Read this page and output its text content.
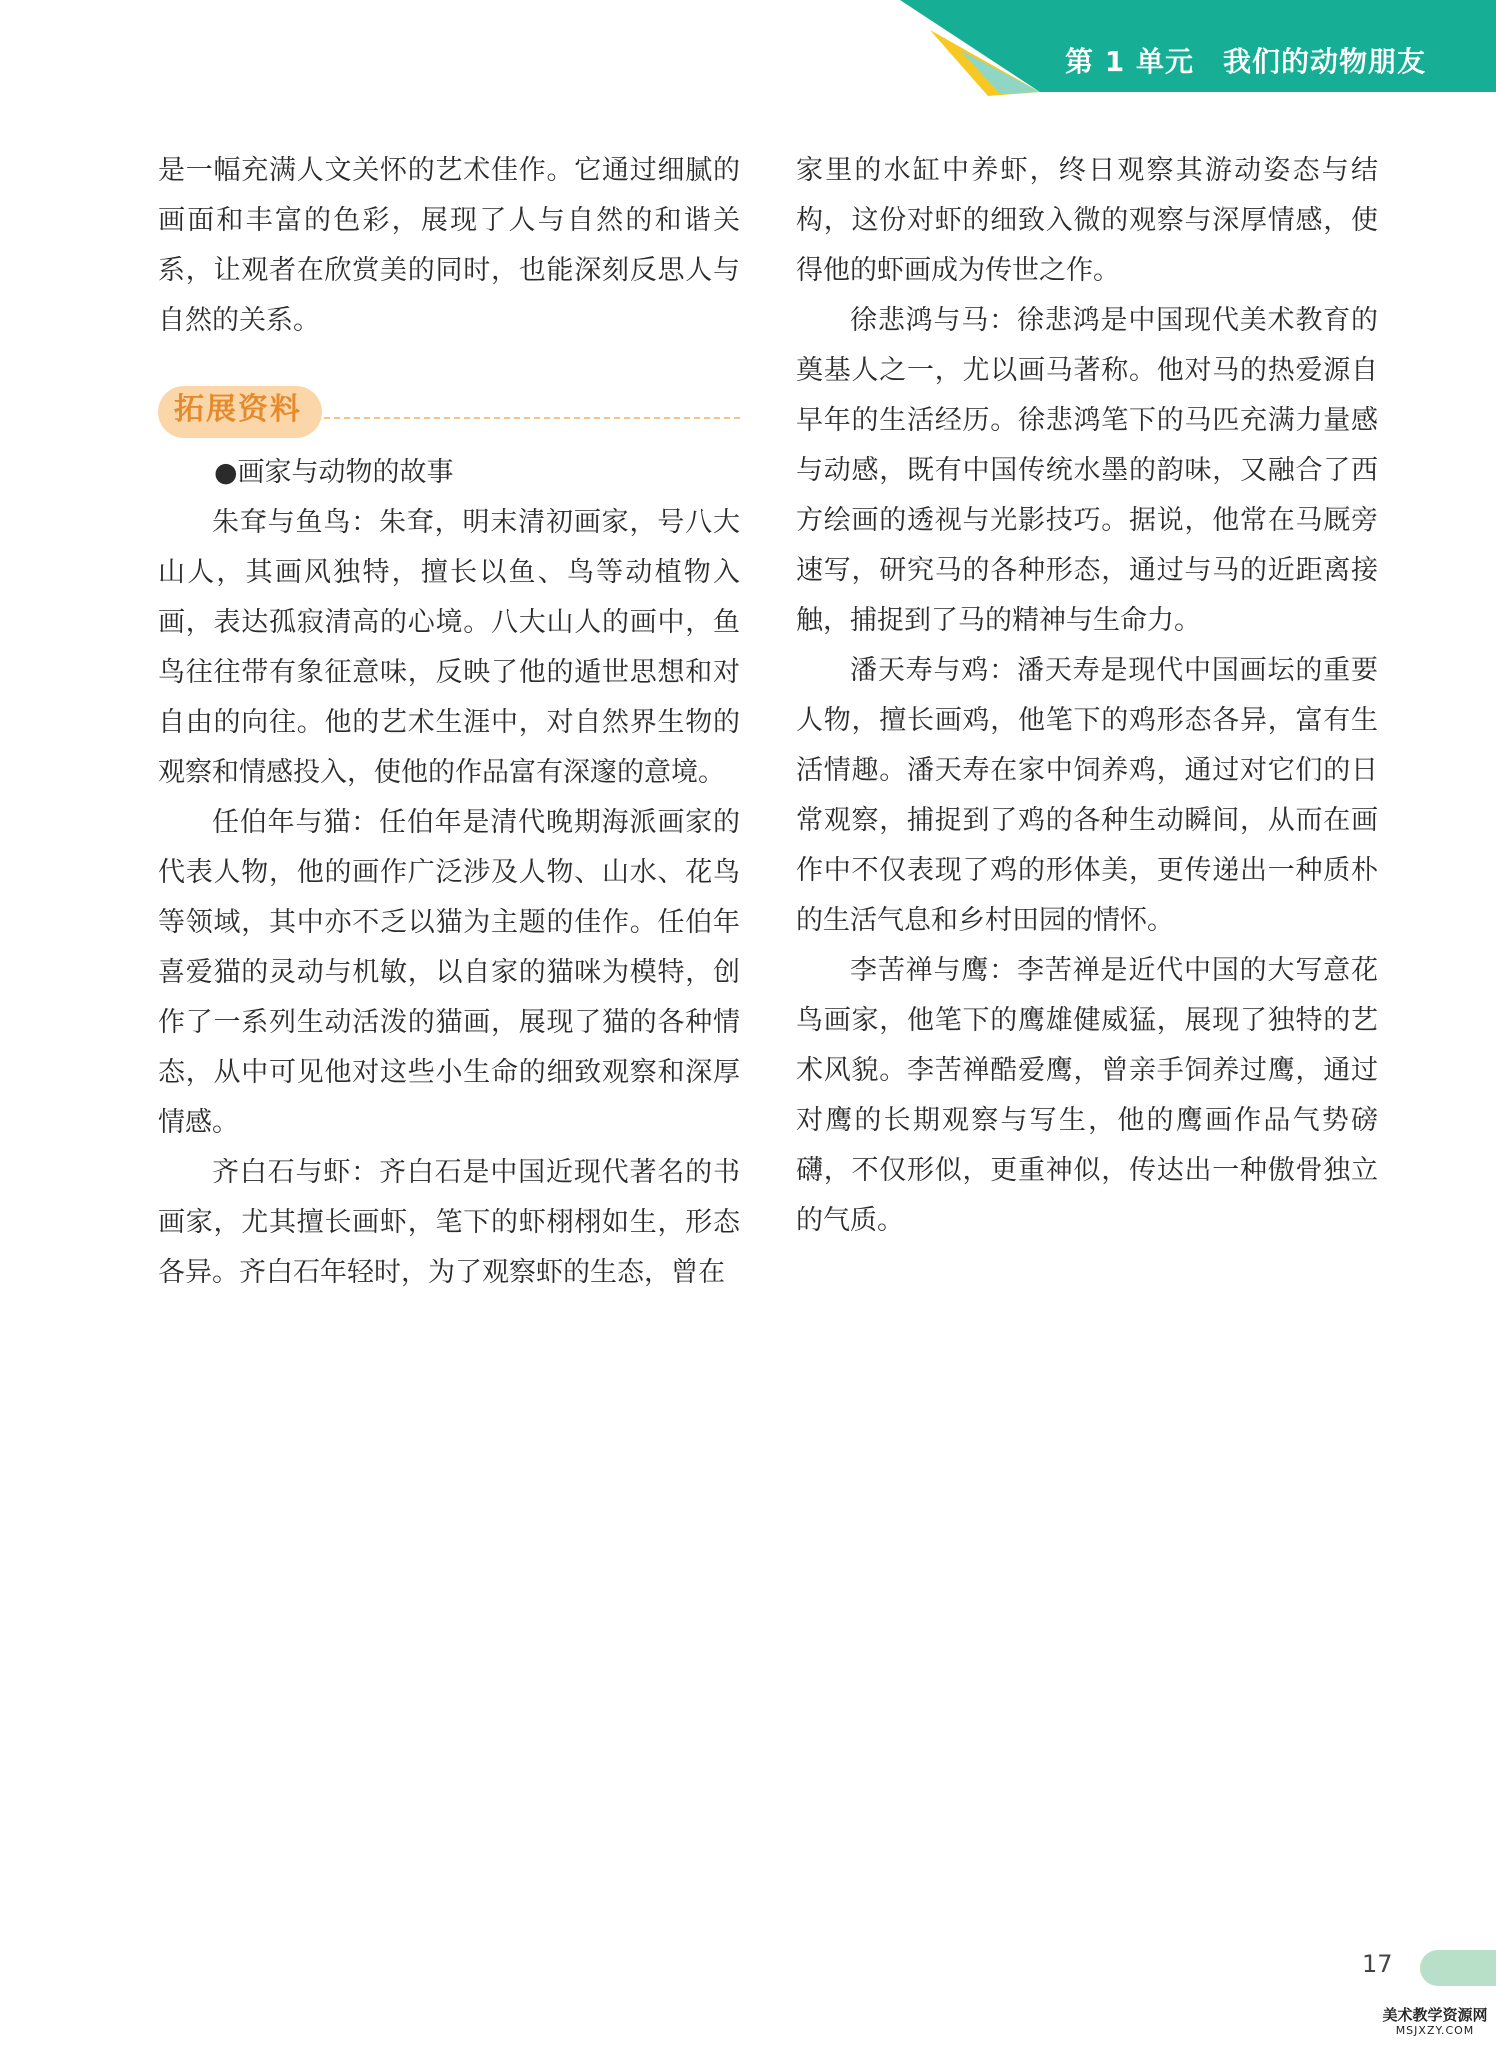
第 1 单元　我们的动物朋友

是一幅充满人文关怀的艺术佳作。它通过细腻的画面和丰富的色彩，展现了人与自然的和谐关系，让观者在欣赏美的同时，也能深刻反思人与自然的关系。

拓展资料

●画家与动物的故事

朱耷与鱼鸟：朱耷，明末清初画家，号八大山人，其画风独特，擅长以鱼、鸟等动植物入画，表达孤寂清高的心境。八大山人的画中，鱼鸟往往带有象征意味，反映了他的遁世思想和对自由的向往。他的艺术生涯中，对自然界生物的观察和情感投入，使他的作品富有深邃的意境。

任伯年与猫：任伯年是清代晚期海派画家的代表人物，他的画作广泛涉及人物、山水、花鸟等领域，其中亦不乏以猫为主题的佳作。任伯年喜爱猫的灵动与机敏，以自家的猫咪为模特，创作了一系列生动活泼的猫画，展现了猫的各种情态，从中可见他对这些小生命的细致观察和深厚情感。

齐白石与虾：齐白石是中国近现代著名的书画家，尤其擅长画虾，笔下的虾栩栩如生，形态各异。齐白石年轻时，为了观察虾的生态，曾在

家里的水缸中养虾，终日观察其游动姿态与结构，这份对虾的细致入微的观察与深厚情感，使得他的虾画成为传世之作。

徐悲鸿与马：徐悲鸿是中国现代美术教育的奠基人之一，尤以画马著称。他对马的热爱源自早年的生活经历。徐悲鸿笔下的马匹充满力量感与动感，既有中国传统水墨的韵味，又融合了西方绘画的透视与光影技巧。据说，他常在马厩旁速写，研究马的各种形态，通过与马的近距离接触，捕捉到了马的精神与生命力。

潘天寿与鸡：潘天寿是现代中国画坛的重要人物，擅长画鸡，他笔下的鸡形态各异，富有生活情趣。潘天寿在家中饲养鸡，通过对它们的日常观察，捕捉到了鸡的各种生动瞬间，从而在画作中不仅表现了鸡的形体美，更传递出一种质朴的生活气息和乡村田园的情怀。

李苦禅与鹰：李苦禅是近代中国的大写意花鸟画家，他笔下的鹰雄健威猛，展现了独特的艺术风貌。李苦禅酷爱鹰，曾亲手饲养过鹰，通过对鹰的长期观察与写生，他的鹰画作品气势磅礴，不仅形似，更重神似，传达出一种傲骨独立的气质。

17
美术教学资源网
MSJXZY.COM
